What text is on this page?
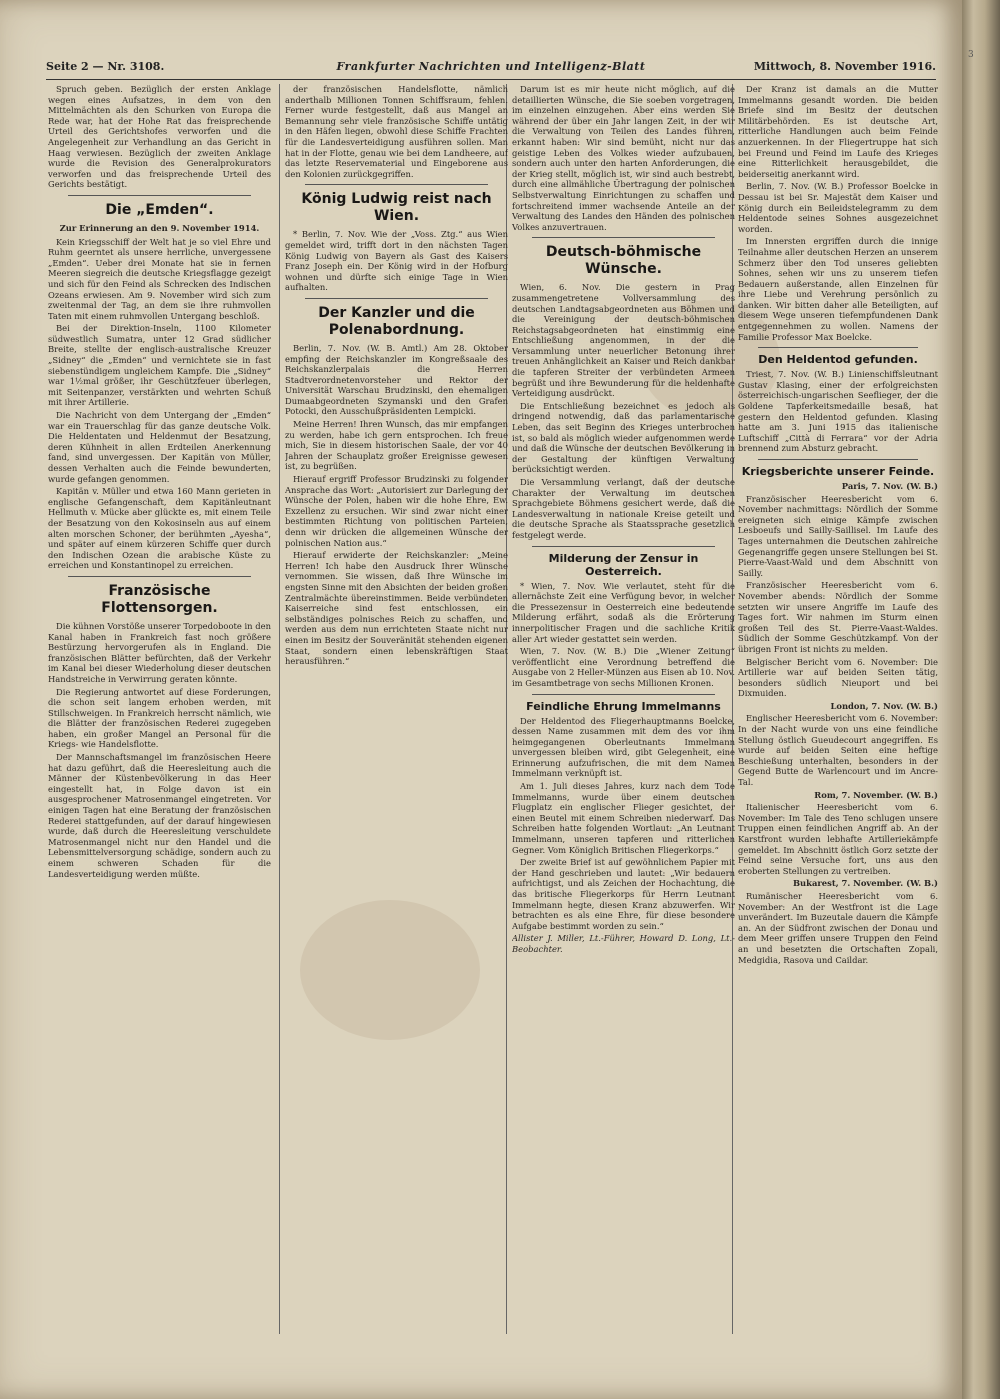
Seite 2 — Nr. 3108.	Frankfurter Nachrichten und Intelligenz-Blatt	Mittwoch, 8. November 1916.

Spruch geben. Bezüglich der ersten Anklage wegen eines Aufsatzes, in dem von den Mittelmächten als den Schurken von Europa die Rede war, hat der Hohe Rat das freisprechende Urteil des Gerichtshofes verworfen und die Angelegenheit zur Verhandlung an das Gericht in Haag verwiesen. Bezüglich der zweiten Anklage wurde die Revision des Generalprokurators verworfen und das freisprechende Urteil des Gerichts bestätigt.

Die „Emden“.
Zur Erinnerung an den 9. November 1914.

Kein Kriegsschiff der Welt hat je so viel Ehre und Ruhm geerntet als unsere herrliche, unvergessene „Emden“. Ueber drei Monate hat sie in fernen Meeren siegreich die deutsche Kriegsflagge gezeigt und sich für den Feind als Schrecken des Indischen Ozeans erwiesen. Am 9. November wird sich zum zweitenmal der Tag, an dem sie ihre ruhmvollen Taten mit einem ruhmvollen Untergang beschloß.

Bei der Direktion-Inseln, 1100 Kilometer südwestlich Sumatra, unter 12 Grad südlicher Breite, stellte der englisch-australische Kreuzer „Sidney“ die „Emden“ und vernichtete sie in fast siebenstündigem ungleichem Kampfe. Die „Sidney“ war 1½mal größer, ihr Geschützfeuer überlegen, mit Seitenpanzer, verstärkten und wehrten Schuß mit ihrer Artillerie.

Die Nachricht von dem Untergang der „Emden“ war ein Trauerschlag für das ganze deutsche Volk. Die Heldentaten und Heldenmut der Besatzung, deren Kühnheit in allen Erdteilen Anerkennung fand, sind unvergessen. Der Kapitän von Müller, dessen Verhalten auch die Feinde bewunderten, wurde gefangen genommen.

Kapitän v. Müller und etwa 160 Mann gerieten in englische Gefangenschaft, dem Kapitänleutnant Hellmuth v. Mücke aber glückte es, mit einem Teile der Besatzung von den Kokosinseln aus auf einem alten morschen Schoner, der berühmten „Ayesha“, und später auf einem kürzeren Schiffe quer durch den Indischen Ozean die arabische Küste zu erreichen und Konstantinopel zu erreichen.

Französische Flottensorgen.

Die kühnen Vorstöße unserer Torpedoboote in den Kanal haben in Frankreich fast noch größere Bestürzung hervorgerufen als in England. Die französischen Blätter befürchten, daß der Verkehr im Kanal bei dieser Wiederholung dieser deutschen Handstreiche in Verwirrung geraten könnte.

Die Regierung antwortet auf diese Forderungen, die schon seit langem erhoben werden, mit Stillschweigen. In Frankreich herrscht nämlich, wie die Blätter der französischen Rederei zugegeben haben, ein großer Mangel an Personal für die Kriegs- wie Handelsflotte.

Der Mannschaftsmangel im französischen Heere hat dazu geführt, daß die Heeresleitung auch die Männer der Küstenbevölkerung in das Heer eingestellt hat, in Folge davon ist ein ausgesprochener Matrosenmangel eingetreten. Vor einigen Tagen hat eine Beratung der französischen Rederei stattgefunden, auf der darauf hingewiesen wurde, daß durch die Heeresleitung verschuldete Matrosenmangel nicht nur den Handel und die Lebensmittelversorgung schädige, sondern auch zu einem schweren Schaden für die Landesverteidigung werden müßte.

der französischen Handelsflotte, nämlich anderthalb Millionen Tonnen Schiffsraum, fehlen. Ferner wurde festgestellt, daß aus Mangel an Bemannung sehr viele französische Schiffe untätig in den Häfen liegen, obwohl diese Schiffe Frachten für die Landesverteidigung ausführen sollen. Man hat in der Flotte, genau wie bei dem Landheere, auf das letzte Reservematerial und Eingeborene aus den Kolonien zurückgegriffen.

König Ludwig reist nach Wien.

* Berlin, 7. Nov. Wie der „Voss. Ztg.“ aus Wien gemeldet wird, trifft dort in den nächsten Tagen König Ludwig von Bayern als Gast des Kaisers Franz Joseph ein. Der König wird in der Hofburg wohnen und dürfte sich einige Tage in Wien aufhalten.

Der Kanzler und die Polenabordnung.

Berlin, 7. Nov. (W. B. Amtl.) Am 28. Oktober empfing der Reichskanzler im Kongreßsaale des Reichskanzlerpalais die Herren Stadtverordnetenvorsteher und Rektor der Universität Warschau Brudzinski, den ehemaligen Dumaabgeordneten Szymanski und den Grafen Potocki, den Ausschußpräsidenten Lempicki.

Meine Herren! Ihren Wunsch, das mir empfangen zu werden, habe ich gern entsprochen. Ich freue mich, Sie in diesem historischen Saale, der vor 40 Jahren der Schauplatz großer Ereignisse gewesen ist, zu begrüßen.

Hierauf ergriff Professor Brudzinski zu folgender Ansprache das Wort: „Autorisiert zur Darlegung der Wünsche der Polen, haben wir die hohe Ehre, Ew. Exzellenz zu ersuchen. Wir sind zwar nicht einer bestimmten Richtung von politischen Parteien, denn wir drücken die allgemeinen Wünsche der polnischen Nation aus.“

Hierauf erwiderte der Reichskanzler: „Meine Herren! Ich habe den Ausdruck Ihrer Wünsche vernommen. Sie wissen, daß Ihre Wünsche im engsten Sinne mit den Absichten der beiden großen Zentralmächte übereinstimmen. Beide verbündeten Kaiserreiche sind fest entschlossen, ein selbständiges polnisches Reich zu schaffen, und werden aus dem nun errichteten Staate nicht nur einen im Besitz der Souveränität stehenden eigenen Staat, sondern einen lebenskräftigen Staat herausführen.“

Darum ist es mir heute nicht möglich, auf die detaillierten Wünsche, die Sie soeben vorgetragen, im einzelnen einzugehen. Aber eins werden Sie während der über ein Jahr langen Zeit, in der wir die Verwaltung von Teilen des Landes führen, erkannt haben: Wir sind bemüht, nicht nur das geistige Leben des Volkes wieder aufzubauen, sondern auch unter den harten Anforderungen, die der Krieg stellt, möglich ist, wir sind auch bestrebt, durch eine allmähliche Übertragung der polnischen Selbstverwaltung Einrichtungen zu schaffen und fortschreitend immer wachsende Anteile an der Verwaltung des Landes den Händen des polnischen Volkes anzuvertrauen.

Deutsch-böhmische Wünsche.

Wien, 6. Nov. Die gestern in Prag zusammengetretene Vollversammlung des deutschen Landtagsabgeordneten aus Böhmen und die Vereinigung der deutsch-böhmischen Reichstagsabgeordneten hat einstimmig eine Entschließung angenommen, in der die Versammlung unter neuerlicher Betonung ihrer treuen Anhänglichkeit an Kaiser und Reich dankbar die tapferen Streiter der verbündeten Armeen begrüßt und ihre Bewunderung für die heldenhafte Verteidigung ausdrückt.

Die Entschließung bezeichnet es jedoch als dringend notwendig, daß das parlamentarische Leben, das seit Beginn des Krieges unterbrochen ist, so bald als möglich wieder aufgenommen werde und daß die Wünsche der deutschen Bevölkerung in der Gestaltung der künftigen Verwaltung berücksichtigt werden.

Die Versammlung verlangt, daß der deutsche Charakter der Verwaltung im deutschen Sprachgebiete Böhmens gesichert werde, daß die Landesverwaltung in nationale Kreise geteilt und die deutsche Sprache als Staatssprache gesetzlich festgelegt werde.

Milderung der Zensur in Oesterreich.

* Wien, 7. Nov. Wie verlautet, steht für die allernächste Zeit eine Verfügung bevor, in welcher die Pressezensur in Oesterreich eine bedeutende Milderung erfährt, sodaß als die Erörterung innerpolitischer Fragen und die sachliche Kritik aller Art wieder gestattet sein werden.

Wien, 7. Nov. (W. B.) Die „Wiener Zeitung“ veröffentlicht eine Verordnung betreffend die Ausgabe von 2 Heller-Münzen aus Eisen ab 10. Nov. im Gesamtbetrage von sechs Millionen Kronen.

Feindliche Ehrung Immelmanns

Der Heldentod des Fliegerhauptmanns Boelcke, dessen Name zusammen mit dem des vor ihm heimgegangenen Oberleutnants Immelmann unvergessen bleiben wird, gibt Gelegenheit, eine Erinnerung aufzufrischen, die mit dem Namen Immelmann verknüpft ist.

Am 1. Juli dieses Jahres, kurz nach dem Tode Immelmanns, wurde über einem deutschen Flugplatz ein englischer Flieger gesichtet, der einen Beutel mit einem Schreiben niederwarf. Das Schreiben hatte folgenden Wortlaut: „An Leutnant Immelmann, unseren tapferen und ritterlichen Gegner. Vom Königlich Britischen Fliegerkorps.“

Der zweite Brief ist auf gewöhnlichem Papier mit der Hand geschrieben und lautet: „Wir bedauern aufrichtigst, und als Zeichen der Hochachtung, die das britische Fliegerkorps für Herrn Leutnant Immelmann hegte, diesen Kranz abzuwerfen. Wir betrachten es als eine Ehre, für diese besondere Aufgabe bestimmt worden zu sein.“

Allister J. Miller, Lt.-Führer, Howard D. Long, Lt.-Beobachter.

Der Kranz ist damals an die Mutter Immelmanns gesandt worden. Die beiden Briefe sind im Besitz der deutschen Militärbehörden. Es ist deutsche Art, ritterliche Handlungen auch beim Feinde anzuerkennen. In der Fliegertruppe hat sich bei Freund und Feind im Laufe des Krieges eine Ritterlichkeit herausgebildet, die beiderseitig anerkannt wird.

Berlin, 7. Nov. (W. B.) Professor Boelcke in Dessau ist bei Sr. Majestät dem Kaiser und König durch ein Beileidstelegramm zu dem Heldentode seines Sohnes ausgezeichnet worden.

Im Innersten ergriffen durch die innige Teilnahme aller deutschen Herzen an unserem Schmerz über den Tod unseres geliebten Sohnes, sehen wir uns zu unserem tiefen Bedauern außerstande, allen Einzelnen für ihre Liebe und Verehrung persönlich zu danken. Wir bitten daher alle Beteiligten, auf diesem Wege unseren tiefempfundenen Dank entgegennehmen zu wollen. Namens der Familie Professor Max Boelcke.

Den Heldentod gefunden.

Triest, 7. Nov. (W. B.) Linienschiffsleutnant Gustav Klasing, einer der erfolgreichsten österreichisch-ungarischen Seeflieger, der die Goldene Tapferkeitsmedaille besaß, hat gestern den Heldentod gefunden. Klasing hatte am 3. Juni 1915 das italienische Luftschiff „Città di Ferrara“ vor der Adria brennend zum Absturz gebracht.

Kriegsberichte unserer Feinde.
Paris, 7. Nov. (W. B.)

Französischer Heeresbericht vom 6. November nachmittags: Nördlich der Somme ereigneten sich einige Kämpfe zwischen Lesboeufs und Sailly-Saillisel. Im Laufe des Tages unternahmen die Deutschen zahlreiche Gegenangriffe gegen unsere Stellungen bei St. Pierre-Vaast-Wald und dem Abschnitt von Sailly.

Französischer Heeresbericht vom 6. November abends: Nördlich der Somme setzten wir unsere Angriffe im Laufe des Tages fort. Wir nahmen im Sturm einen großen Teil des St. Pierre-Vaast-Waldes. Südlich der Somme Geschützkampf. Von der übrigen Front ist nichts zu melden.

Belgischer Bericht vom 6. November: Die Artillerie war auf beiden Seiten tätig, besonders südlich Nieuport und bei Dixmuiden.

London, 7. Nov. (W. B.)

Englischer Heeresbericht vom 6. November: In der Nacht wurde von uns eine feindliche Stellung östlich Gueudecourt angegriffen. Es wurde auf beiden Seiten eine heftige Beschießung unterhalten, besonders in der Gegend Butte de Warlencourt und im Ancre-Tal.

Rom, 7. November. (W. B.)

Italienischer Heeresbericht vom 6. November: Im Tale des Teno schlugen unsere Truppen einen feindlichen Angriff ab. An der Karstfront wurden lebhafte Artilleriekämpfe gemeldet. Im Abschnitt östlich Gorz setzte der Feind seine Versuche fort, uns aus den eroberten Stellungen zu vertreiben.

Bukarest, 7. November. (W. B.)

Rumänischer Heeresbericht vom 6. November: An der Westfront ist die Lage unverändert. Im Buzeutale dauern die Kämpfe an. An der Südfront zwischen der Donau und dem Meer griffen unsere Truppen den Feind an und besetzten die Ortschaften Zopali, Medgidia, Rasova und Caildar.

3
